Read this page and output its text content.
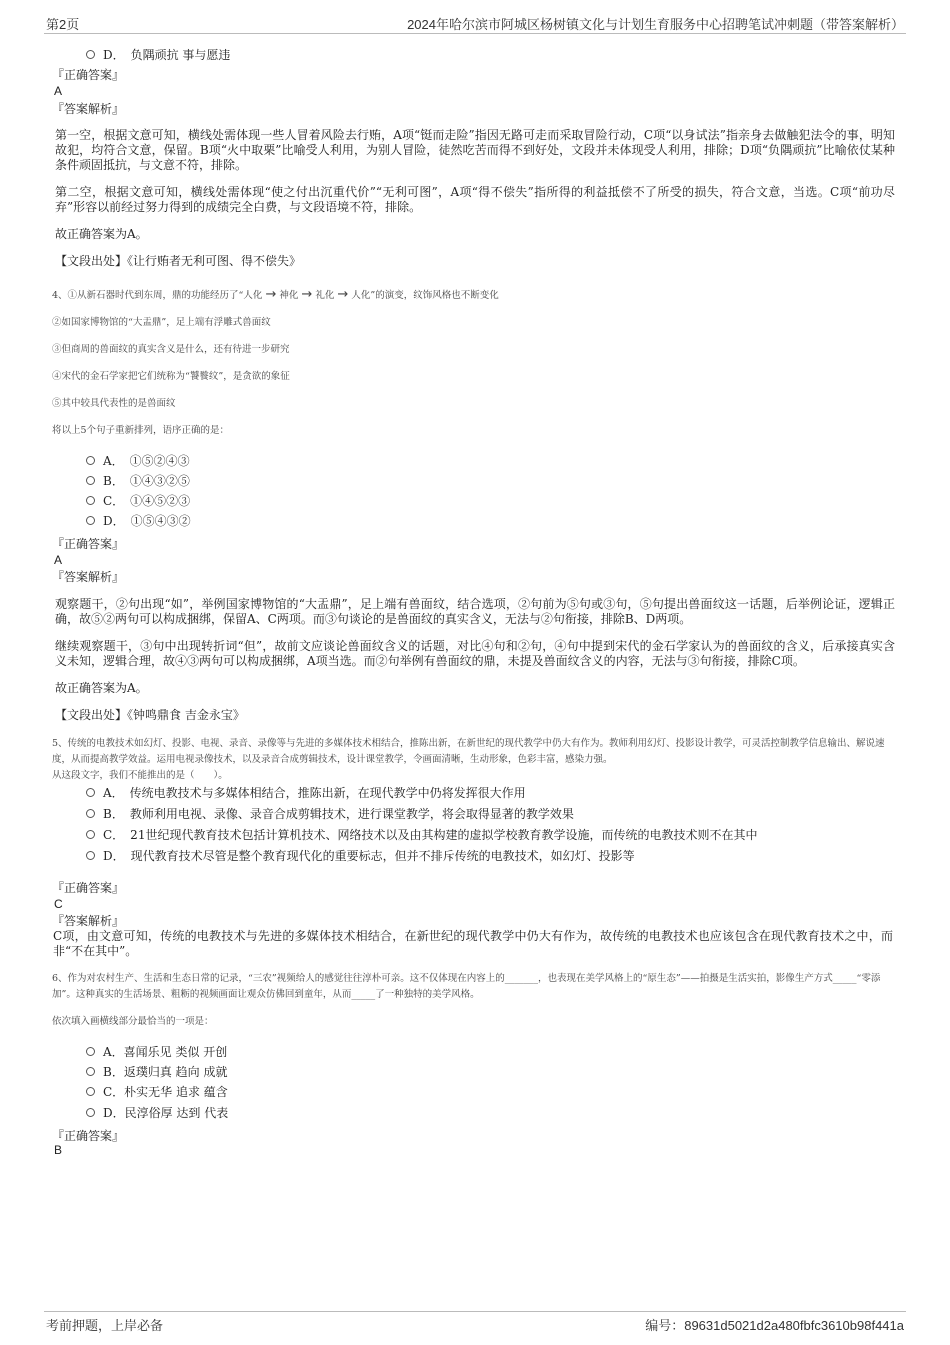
第2页	2024年哈尔滨市阿城区杨树镇文化与计划生育服务中心招聘笔试冲刺题（带答案解析）
D．　负隅顽抗 事与愿违
『正确答案』
A
『答案解析』
第一空，根据文意可知，横线处需体现一些人冒着风险去行贿，A项“铤而走险”指因无路可走而采取冒险行动，C项“以身试法”指亲身去做触犯法令的事，明知故犯，均符合文意，保留。B项“火中取栗”比喻受人利用，为别人冒险，徒然吃苦而得不到好处，文段并未体现受人利用，排除；D项“负隅顽抗”比喻依仗某种条件顽固抵抗，与文意不符，排除。
第二空，根据文意可知，横线处需体现“使之付出沉重代价”“无利可图”，A项“得不偿失”指所得的利益抵偿不了所受的损失，符合文意，当选。C项“前功尽弃”形容以前经过努力得到的成绩完全白费，与文段语境不符，排除。
故正确答案为A。
【文段出处】《让行贿者无利可图、得不偿失》
4、①从新石器时代到东周，鼎的功能经历了“人化 → 神化 → 礼化 → 人化”的演变，纹饰风格也不断变化
②如国家博物馆的“大盂鼎”，足上端有浮雕式兽面纹
③但商周的兽面纹的真实含义是什么，还有待进一步研究
④宋代的金石学家把它们统称为“饕餮纹”，是贪欲的象征
⑤其中较具代表性的是兽面纹
将以上5个句子重新排列，语序正确的是：
A．　①⑤②④③
B．　①④③②⑤
C．　①④⑤②③
D．　①⑤④③②
『正确答案』
A
『答案解析』
观察题干，②句出现“如”，举例国家博物馆的“大盂鼎”，足上端有兽面纹，结合选项，②句前为⑤句或③句，⑤句提出兽面纹这一话题，后举例论证，逻辑正确，故⑤②两句可以构成捆绑，保留A、C两项。而③句谈论的是兽面纹的真实含义，无法与②句衔接，排除B、D两项。
继续观察题干，③句中出现转折词“但”，故前文应谈论兽面纹含义的话题，对比④句和②句，④句中提到宋代的金石学家认为的兽面纹的含义，后承接真实含义未知，逻辑合理，故④③两句可以构成捆绑，A项当选。而②句举例有兽面纹的鼎，未提及兽面纹含义的内容，无法与③句衔接，排除C项。
故正确答案为A。
【文段出处】《钟鸣鼎食 吉金永宝》
5、传统的电教技术如幻灯、投影、电视、录音、录像等与先进的多媒体技术相结合，推陈出新，在新世纪的现代教学中仍大有作为。教师利用幻灯、投影设计教学，可灵活控制教学信息输出、解说速度，从而提高教学效益。运用电视录像技术，以及录音合成剪辑技术，设计课堂教学，令画面清晰，生动形象，色彩丰富，感染力强。
从这段文字，我们不能推出的是（　　）。
A．　传统电教技术与多媒体相结合，推陈出新，在现代教学中仍将发挥很大作用
B．　教师利用电视、录像、录音合成剪辑技术，进行课堂教学，将会取得显著的教学效果
C．　21世纪现代教育技术包括计算机技术、网络技术以及由其构建的虚拟学校教育教学设施，而传统的电教技术则不在其中
D．　现代教育技术尽管是整个教育现代化的重要标志，但并不排斥传统的电教技术，如幻灯、投影等
『正确答案』
C
『答案解析』
C项，由文意可知，传统的电教技术与先进的多媒体技术相结合，在新世纪的现代教学中仍大有作为，故传统的电教技术也应该包含在现代教育技术之中，而非“不在其中”。
6、作为对农村生产、生活和生态日常的记录，“三农”视频给人的感觉往往淳朴可亲。这不仅体现在内容上的_______，也表现在美学风格上的“原生态”——拍摄是生活实拍，影像生产方式_____“零添加”。这种真实的生活场景、粗粝的视频画面让观众仿佛回到童年，从而_____了一种独特的美学风格。
依次填入画横线部分最恰当的一项是：
A．喜闻乐见 类似 开创
B．返璞归真 趋向 成就
C．朴实无华 追求 蕴含
D．民淳俗厚 达到 代表
『正确答案』
B
考前押题，上岸必备	编号：89631d5021d2a480fbfc3610b98f441a
